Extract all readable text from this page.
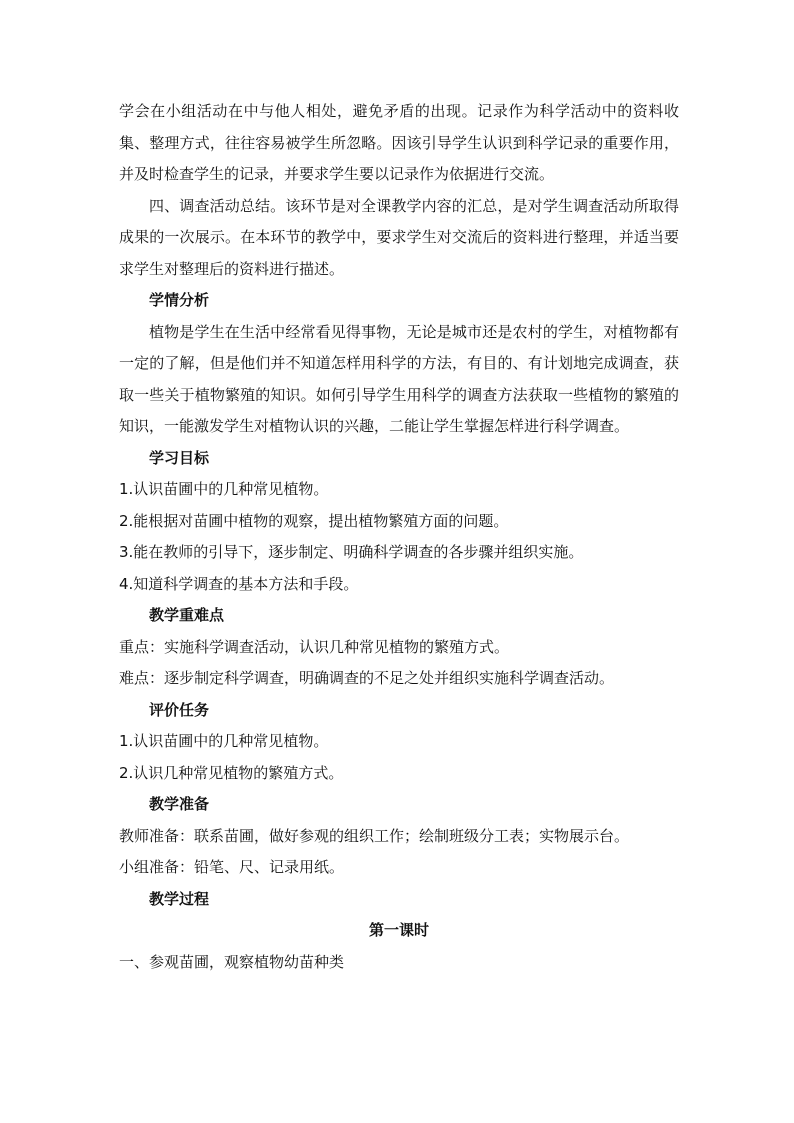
学会在小组活动在中与他人相处，避免矛盾的出现。记录作为科学活动中的资料收集、整理方式，往往容易被学生所忽略。因该引导学生认识到科学记录的重要作用，并及时检查学生的记录，并要求学生要以记录作为依据进行交流。

四、调查活动总结。该环节是对全课教学内容的汇总，是对学生调查活动所取得成果的一次展示。在本环节的教学中，要求学生对交流后的资料进行整理，并适当要求学生对整理后的资料进行描述。

学情分析

植物是学生在生活中经常看见得事物，无论是城市还是农村的学生，对植物都有一定的了解，但是他们并不知道怎样用科学的方法，有目的、有计划地完成调查，获取一些关于植物繁殖的知识。如何引导学生用科学的调查方法获取一些植物的繁殖的知识，一能激发学生对植物认识的兴趣，二能让学生掌握怎样进行科学调查。

学习目标

1.认识苗圃中的几种常见植物。

2.能根据对苗圃中植物的观察，提出植物繁殖方面的问题。

3.能在教师的引导下，逐步制定、明确科学调查的各步骤并组织实施。

4.知道科学调查的基本方法和手段。

教学重难点

重点：实施科学调查活动，认识几种常见植物的繁殖方式。

难点：逐步制定科学调查，明确调查的不足之处并组织实施科学调查活动。

评价任务

1.认识苗圃中的几种常见植物。

2.认识几种常见植物的繁殖方式。

教学准备

教师准备：联系苗圃，做好参观的组织工作；绘制班级分工表；实物展示台。

小组准备：铅笔、尺、记录用纸。

教学过程

第一课时

一、参观苗圃，观察植物幼苗种类
